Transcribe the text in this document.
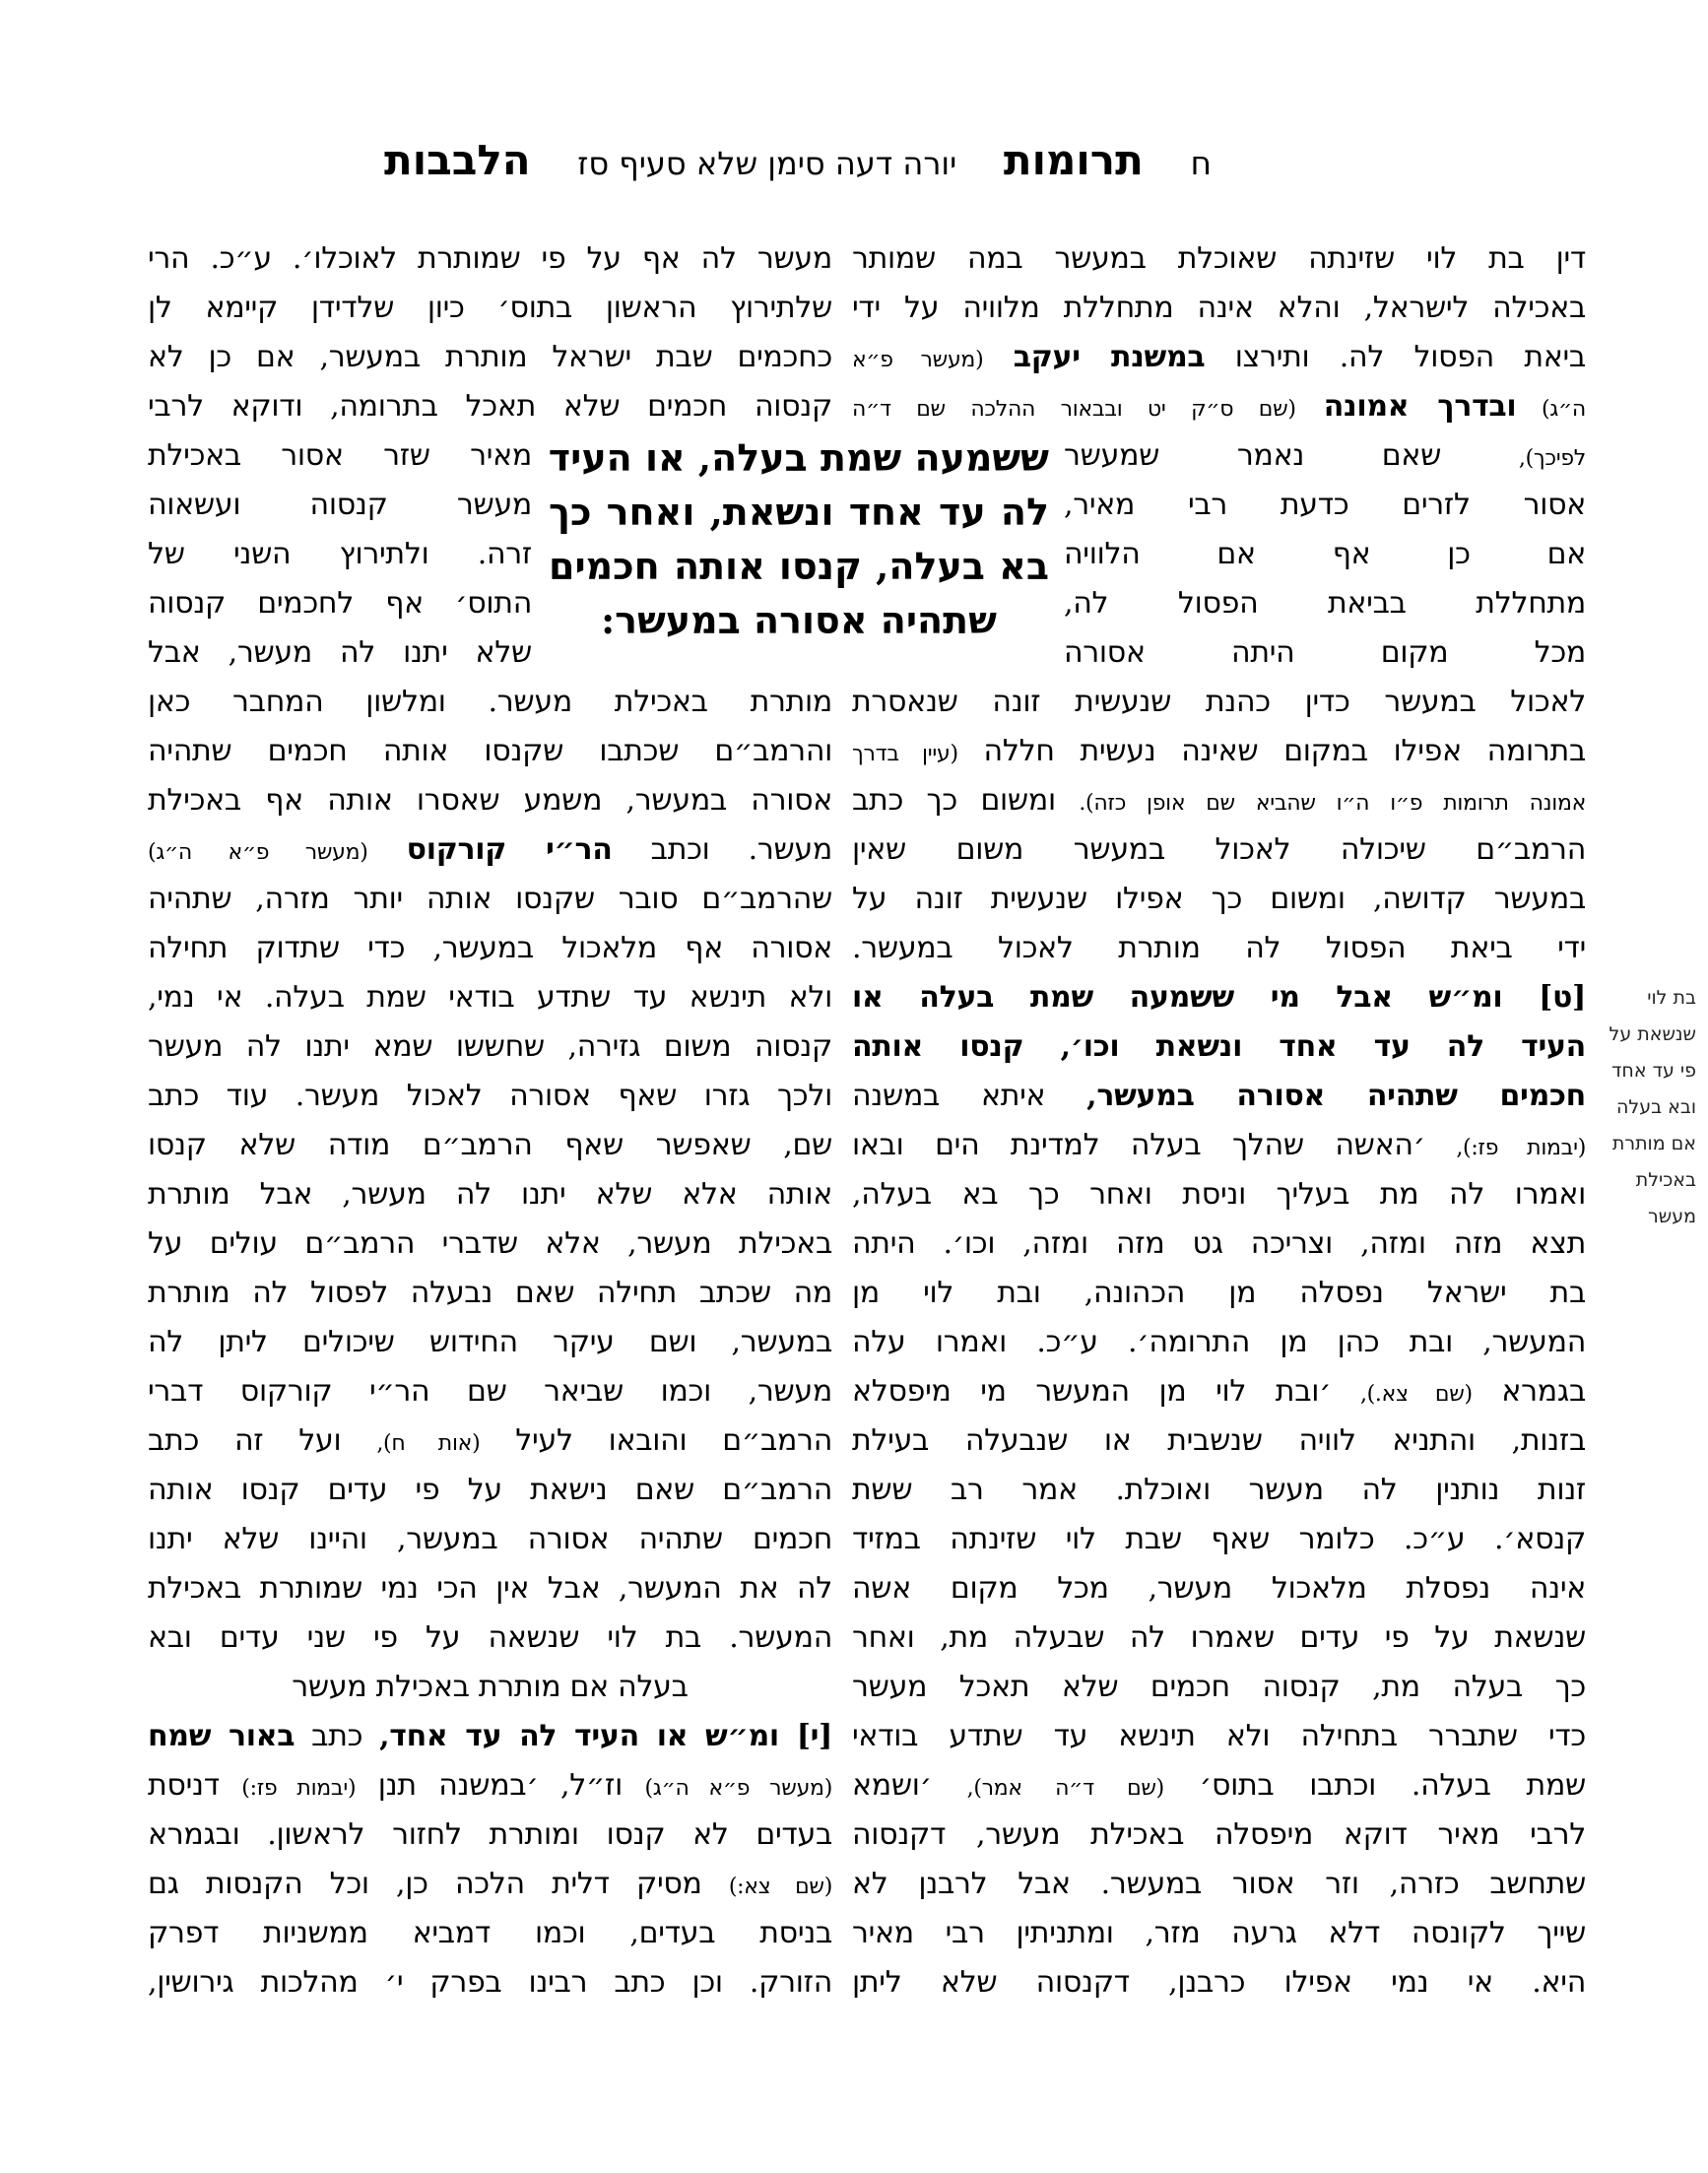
ח
תרומות
יורה דעה סימן שלא סעיף סז
הלבבות
דין בת לוי שזינתה שאוכלת במעשר במה שמותר
באכילה לישראל, והלא אינה מתחללת מלוויה על ידי
ביאת הפסול לה. ותירצו במשנת יעקב (מעשר פ״א
ה״ג) ובדרך אמונה (שם ס״ק יט ובבאור ההלכה שם ד״ה
לפיכך), שאם נאמר שמעשר
אסור לזרים כדעת רבי מאיר,
אם כן אף אם הלוויה
מתחללת בביאת הפסול לה,
מכל מקום היתה אסורה
לאכול במעשר כדין כהנת שנעשית זונה שנאסרת
בתרומה אפילו במקום שאינה נעשית חללה (עיין בדרך
אמונה תרומות פ״ו ה״ו שהביא שם אופן כזה). ומשום כך כתב
הרמב״ם שיכולה לאכול במעשר משום שאין
במעשר קדושה, ומשום כך אפילו שנעשית זונה על
ידי ביאת הפסול לה מותרת לאכול במעשר.
[ט] ומ״ש אבל מי ששמעה שמת בעלה או
העיד לה עד אחד ונשאת וכו׳, קנסו אותה
חכמים שתהיה אסורה במעשר, איתא במשנה
(יבמות פז:), ׳האשה שהלך בעלה למדינת הים ובאו
ואמרו לה מת בעליך וניסת ואחר כך בא בעלה,
תצא מזה ומזה, וצריכה גט מזה ומזה, וכו׳. היתה
בת ישראל נפסלה מן הכהונה, ובת לוי מן
המעשר, ובת כהן מן התרומה׳. ע״כ. ואמרו עלה
בגמרא (שם צא.), ׳ובת לוי מן המעשר מי מיפסלא
בזנות, והתניא לוויה שנשבית או שנבעלה בעילת
זנות נותנין לה מעשר ואוכלת. אמר רב ששת
קנסא׳. ע״כ. כלומר שאף שבת לוי שזינתה במזיד
אינה נפסלת מלאכול מעשר, מכל מקום אשה
שנשאת על פי עדים שאמרו לה שבעלה מת, ואחר
כך בעלה מת, קנסוה חכמים שלא תאכל מעשר
כדי שתברר בתחילה ולא תינשא עד שתדע בודאי
שמת בעלה. וכתבו בתוס׳ (שם ד״ה אמר), ׳ושמא
לרבי מאיר דוקא מיפסלה באכילת מעשר, דקנסוה
שתחשב כזרה, וזר אסור במעשר. אבל לרבנן לא
שייך לקונסה דלא גרעה מזר, ומתניתין רבי מאיר
היא. אי נמי אפילו כרבנן, דקנסוה שלא ליתן
ששמעה שמת בעלה, או העיד
לה עד אחד ונשאת, ואחר כך
בא בעלה, קנסו אותה חכמים
שתהיה אסורה במעשר:
מעשר לה אף על פי שמותרת לאוכלו׳. ע״כ. הרי
שלתירוץ הראשון בתוס׳ כיון שלדידן קיימא לן
כחכמים שבת ישראל מותרת במעשר, אם כן לא
קנסוה חכמים שלא תאכל בתרומה, ודוקא לרבי
מאיר שזר אסור באכילת
מעשר קנסוה ועשאוה
זרה. ולתירוץ השני של
התוס׳ אף לחכמים קנסוה
שלא יתנו לה מעשר, אבל
מותרת באכילת מעשר. ומלשון המחבר כאן
והרמב״ם שכתבו שקנסו אותה חכמים שתהיה
אסורה במעשר, משמע שאסרו אותה אף באכילת
מעשר. וכתב הר״י קורקוס (מעשר פ״א ה״ג)
שהרמב״ם סובר שקנסו אותה יותר מזרה, שתהיה
אסורה אף מלאכול במעשר, כדי שתדוק תחילה
ולא תינשא עד שתדע בודאי שמת בעלה. אי נמי,
קנסוה משום גזירה, שחששו שמא יתנו לה מעשר
ולכך גזרו שאף אסורה לאכול מעשר. עוד כתב
שם, שאפשר שאף הרמב״ם מודה שלא קנסו
אותה אלא שלא יתנו לה מעשר, אבל מותרת
באכילת מעשר, אלא שדברי הרמב״ם עולים על
מה שכתב תחילה שאם נבעלה לפסול לה מותרת
במעשר, ושם עיקר החידוש שיכולים ליתן לה
מעשר, וכמו שביאר שם הר״י קורקוס דברי
הרמב״ם והובאו לעיל (אות ח), ועל זה כתב
הרמב״ם שאם נישאת על פי עדים קנסו אותה
חכמים שתהיה אסורה במעשר, והיינו שלא יתנו
לה את המעשר, אבל אין הכי נמי שמותרת באכילת
המעשר. בת לוי שנשאה על פי שני עדים ובא
בעלה אם מותרת באכילת מעשר
[י] ומ״ש או העיד לה עד אחד, כתב באור שמח
(מעשר פ״א ה״ג) וז״ל, ׳במשנה תנן (יבמות פז:) דניסת
בעדים לא קנסו ומותרת לחזור לראשון. ובגמרא
(שם צא:) מסיק דלית הלכה כן, וכל הקנסות גם
בניסת בעדים, וכמו דמביא ממשניות דפרק
הזורק. וכן כתב רבינו בפרק י׳ מהלכות גירושין,
בת לוי
שנשאת על
פי עד אחד
ובא בעלה
אם מותרת
באכילת
מעשר
